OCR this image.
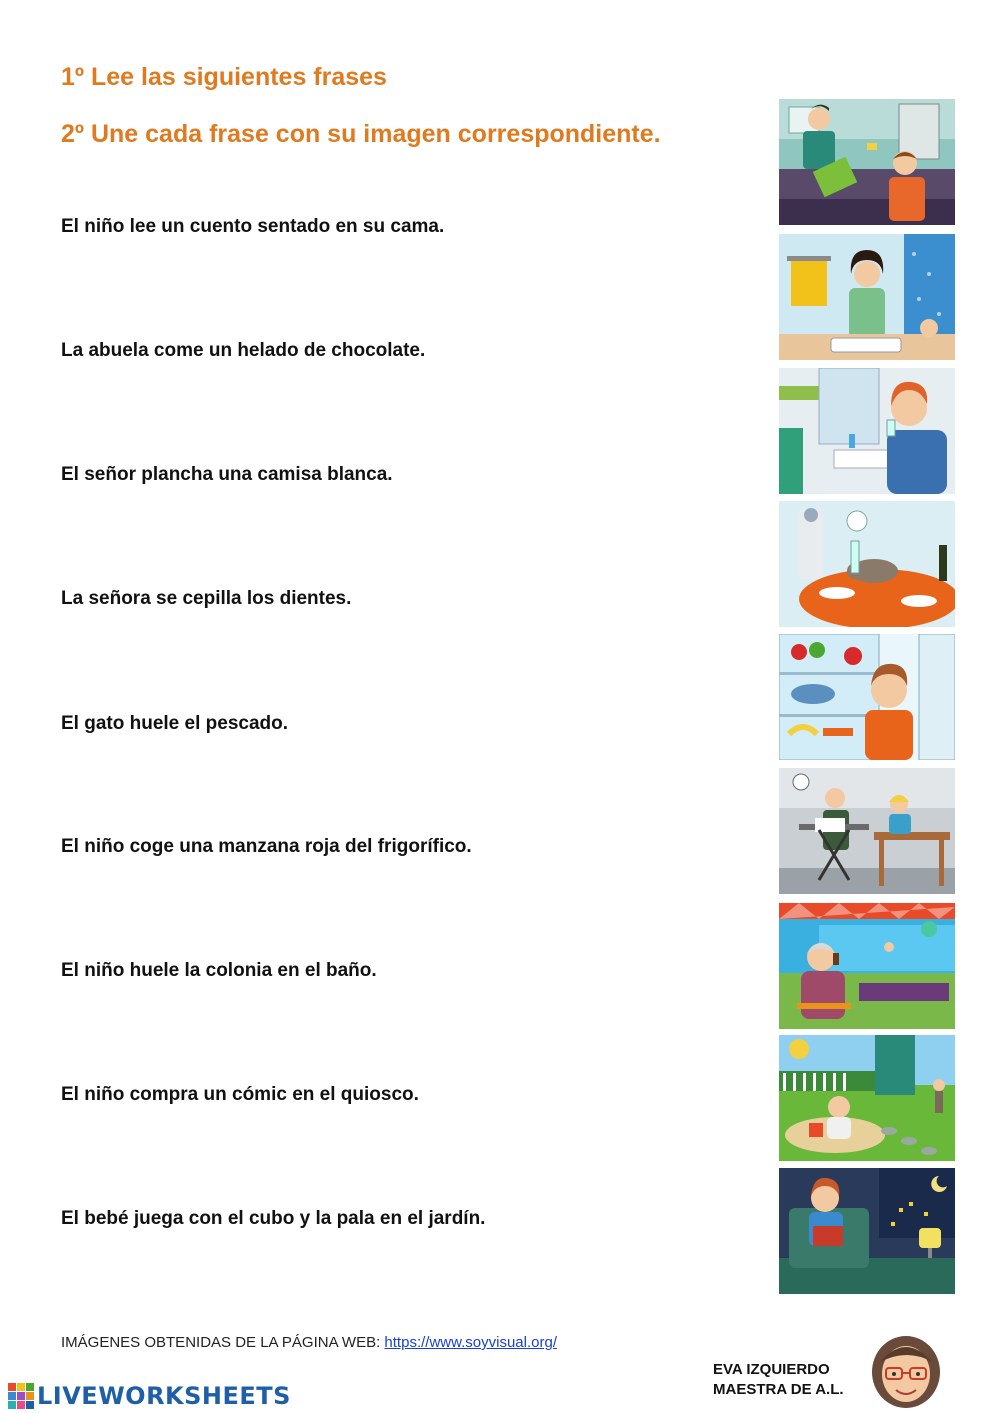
1º Lee las siguientes frases
2º Une cada frase con su imagen correspondiente.
El niño lee un cuento sentado en su cama.
La abuela come un helado de chocolate.
El señor plancha una camisa blanca.
La señora se cepilla los dientes.
El gato huele el pescado.
El niño coge una manzana roja del frigorífico.
El niño huele la colonia en el baño.
El niño compra un cómic en el quiosco.
El bebé juega con el cubo y la pala en el jardín.
IMÁGENES OBTENIDAS DE LA PÁGINA WEB: https://www.soyvisual.org/
EVA IZQUIERDO
MAESTRA DE A.L.
LIVEWORKSHEETS
